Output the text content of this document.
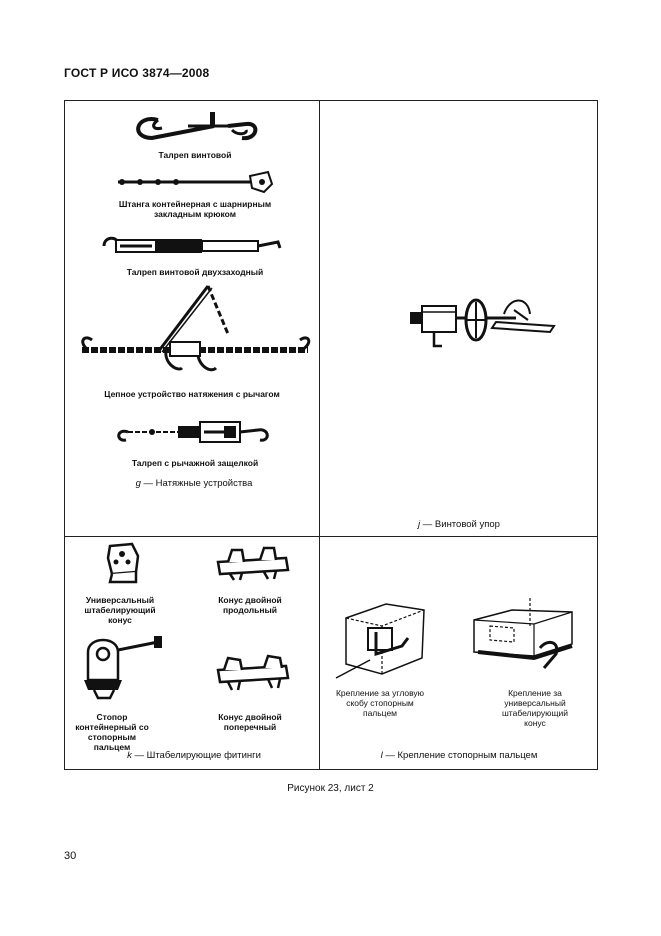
ГОСТ Р ИСО 3874—2008
Талреп винтовой
Штанга контейнерная с шарнирным закладным крюком
Талреп винтовой двухзаходный
Цепное устройство натяжения с рычагом
Талреп с рычажной защелкой
g — Натяжные устройства
j — Винтовой упор
Универсальный штабелирующий конус
Конус двойной продольный
Стопор контейнерный со стопорным пальцем
Конус двойной поперечный
k — Штабелирующие фитинги
Крепление за угловую скобу стопорным пальцем
Крепление за универсальный штабелирующий конус
l — Крепление стопорным пальцем
Рисунок 23, лист 2
30
